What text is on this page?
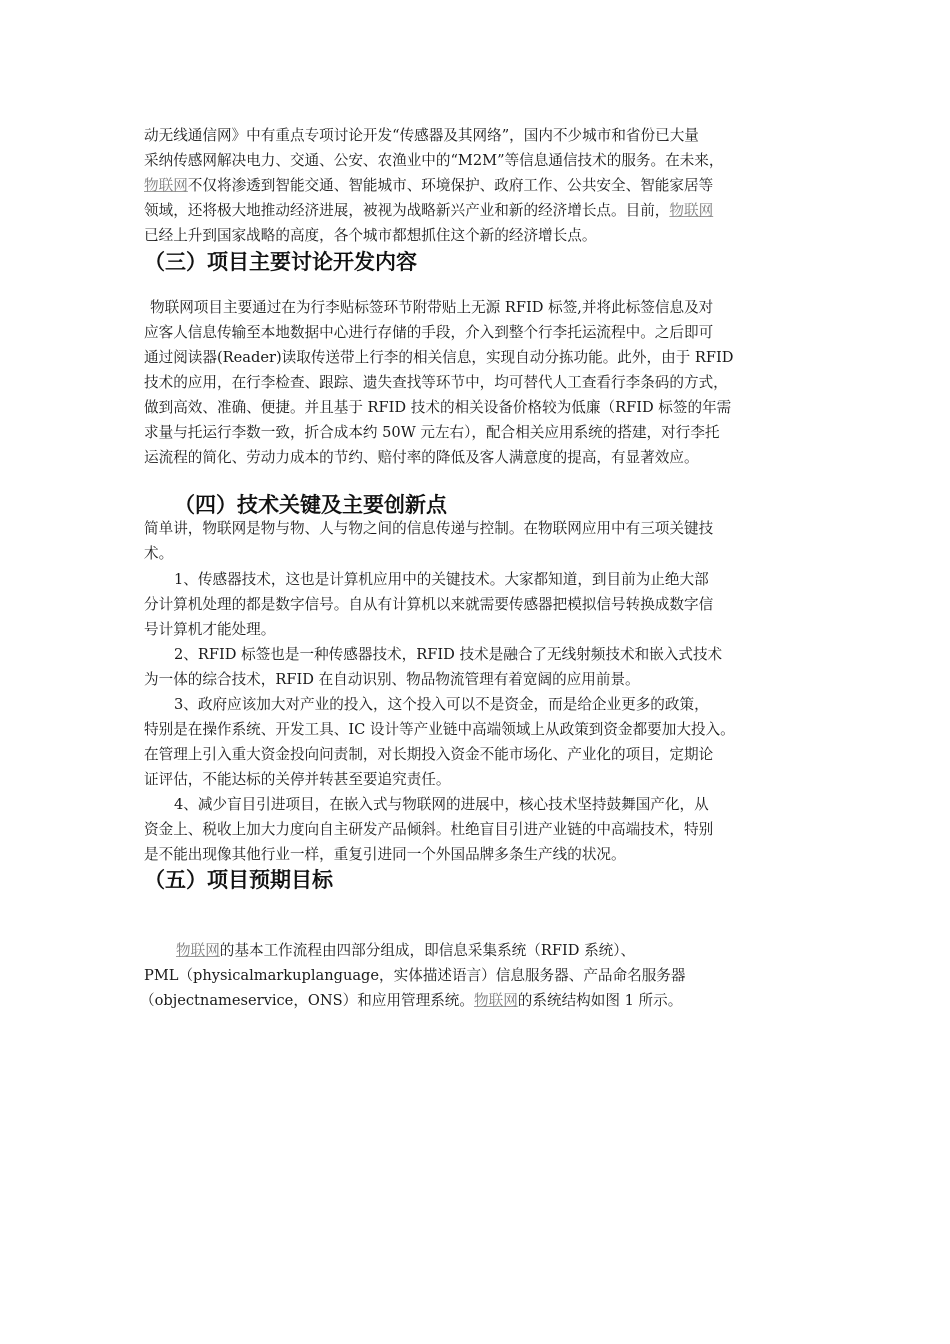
动无线通信网》中有重点专项讨论开发“传感器及其网络”，国内不少城市和省份已大量
采纳传感网解决电力、交通、公安、农渔业中的“M2M”等信息通信技术的服务。在未来，
物联网不仅将渗透到智能交通、智能城市、环境保护、政府工作、公共安全、智能家居等
领域，还将极大地推动经济进展，被视为战略新兴产业和新的经济增长点。目前，物联网
已经上升到国家战略的高度，各个城市都想抓住这个新的经济增长点。
（三）项目主要讨论开发内容
物联网项目主要通过在为行李贴标签环节附带贴上无源 RFID 标签,并将此标签信息及对
应客人信息传输至本地数据中心进行存储的手段，介入到整个行李托运流程中。之后即可
通过阅读器(Reader)读取传送带上行李的相关信息，实现自动分拣功能。此外，由于 RFID
技术的应用，在行李检查、跟踪、遗失查找等环节中，均可替代人工查看行李条码的方式，
做到高效、准确、便捷。并且基于 RFID 技术的相关设备价格较为低廉（RFID 标签的年需
求量与托运行李数一致，折合成本约 50W 元左右），配合相关应用系统的搭建，对行李托
运流程的简化、劳动力成本的节约、赔付率的降低及客人满意度的提高，有显著效应。
（四）技术关键及主要创新点
简单讲，物联网是物与物、人与物之间的信息传递与控制。在物联网应用中有三项关键技
术。
1、传感器技术，这也是计算机应用中的关键技术。大家都知道，到目前为止绝大部
分计算机处理的都是数字信号。自从有计算机以来就需要传感器把模拟信号转换成数字信
号计算机才能处理。
2、RFID 标签也是一种传感器技术，RFID 技术是融合了无线射频技术和嵌入式技术
为一体的综合技术，RFID 在自动识别、物品物流管理有着宽阔的应用前景。
3、政府应该加大对产业的投入，这个投入可以不是资金，而是给企业更多的政策，
特别是在操作系统、开发工具、IC 设计等产业链中高端领域上从政策到资金都要加大投入。
在管理上引入重大资金投向问责制，对长期投入资金不能市场化、产业化的项目，定期论
证评估，不能达标的关停并转甚至要追究责任。
4、减少盲目引进项目，在嵌入式与物联网的进展中，核心技术坚持鼓舞国产化，从
资金上、税收上加大力度向自主研发产品倾斜。杜绝盲目引进产业链的中高端技术，特别
是不能出现像其他行业一样，重复引进同一个外国品牌多条生产线的状况。
（五）项目预期目标
物联网的基本工作流程由四部分组成，即信息采集系统（RFID 系统）、
PML（physicalmarkuplanguage，实体描述语言）信息服务器、产品命名服务器
（objectnameservice，ONS）和应用管理系统。物联网的系统结构如图 1 所示。
